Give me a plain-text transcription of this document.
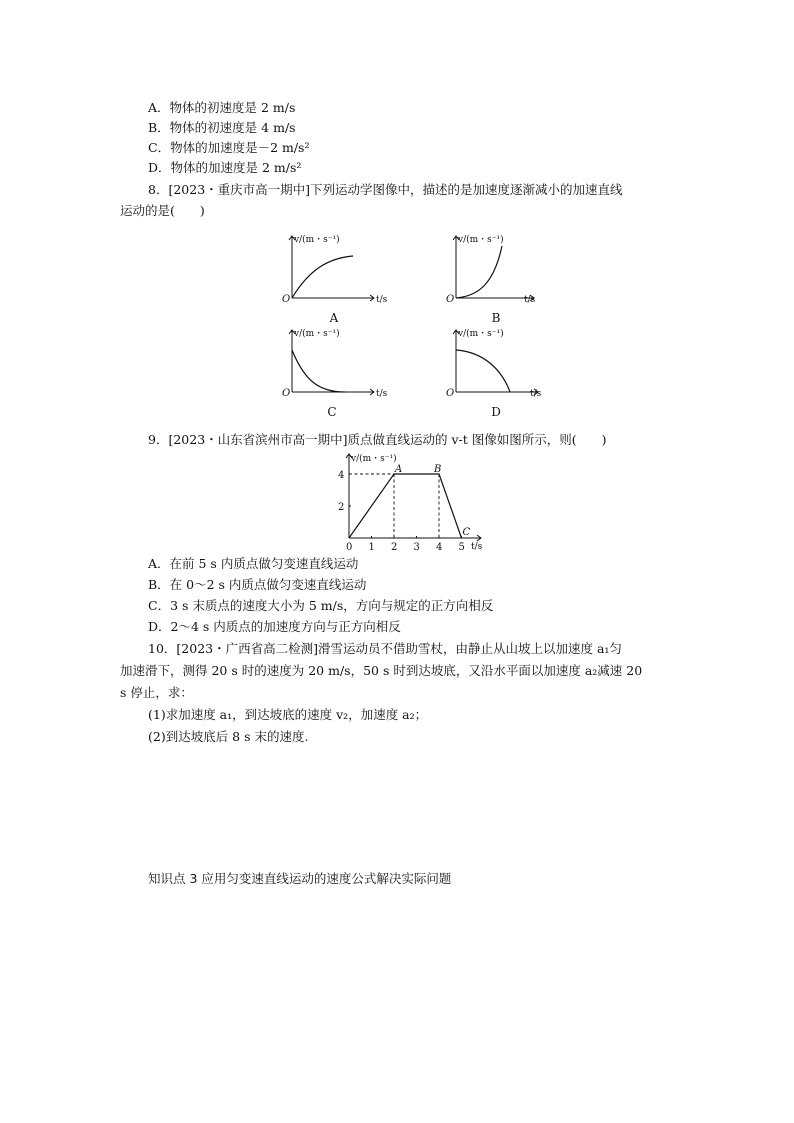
A．物体的初速度是 2 m/s
B．物体的初速度是 4 m/s
C．物体的加速度是－2 m/s²
D．物体的加速度是 2 m/s²
8．[2023・重庆市高一期中]下列运动学图像中，描述的是加速度逐渐减小的加速直线
运动的是(　　)
v/(m・s⁻¹)
O	t/s
A
v/(m・s⁻¹)
O	t/s
B
v/(m・s⁻¹)
O	t/s
C
v/(m・s⁻¹)
O	t/s
D
9．[2023・山东省滨州市高一期中]质点做直线运动的 v-t 图像如图所示，则(　　)
v/(m・s⁻¹)
t/s
0 1 2 3 4 5
2
4
A	B
C
A．在前 5 s 内质点做匀变速直线运动
B．在 0～2 s 内质点做匀变速直线运动
C．3 s 末质点的速度大小为 5 m/s，方向与规定的正方向相反
D．2～4 s 内质点的加速度方向与正方向相反
10．[2023・广西省高二检测]滑雪运动员不借助雪杖，由静止从山坡上以加速度 a₁匀
加速滑下，测得 20 s 时的速度为 20 m/s，50 s 时到达坡底，又沿水平面以加速度 a₂减速 20
s 停止，求：
(1)求加速度 a₁，到达坡底的速度 v₂，加速度 a₂；
(2)到达坡底后 8 s 末的速度.
知识点 3 应用匀变速直线运动的速度公式解决实际问题
